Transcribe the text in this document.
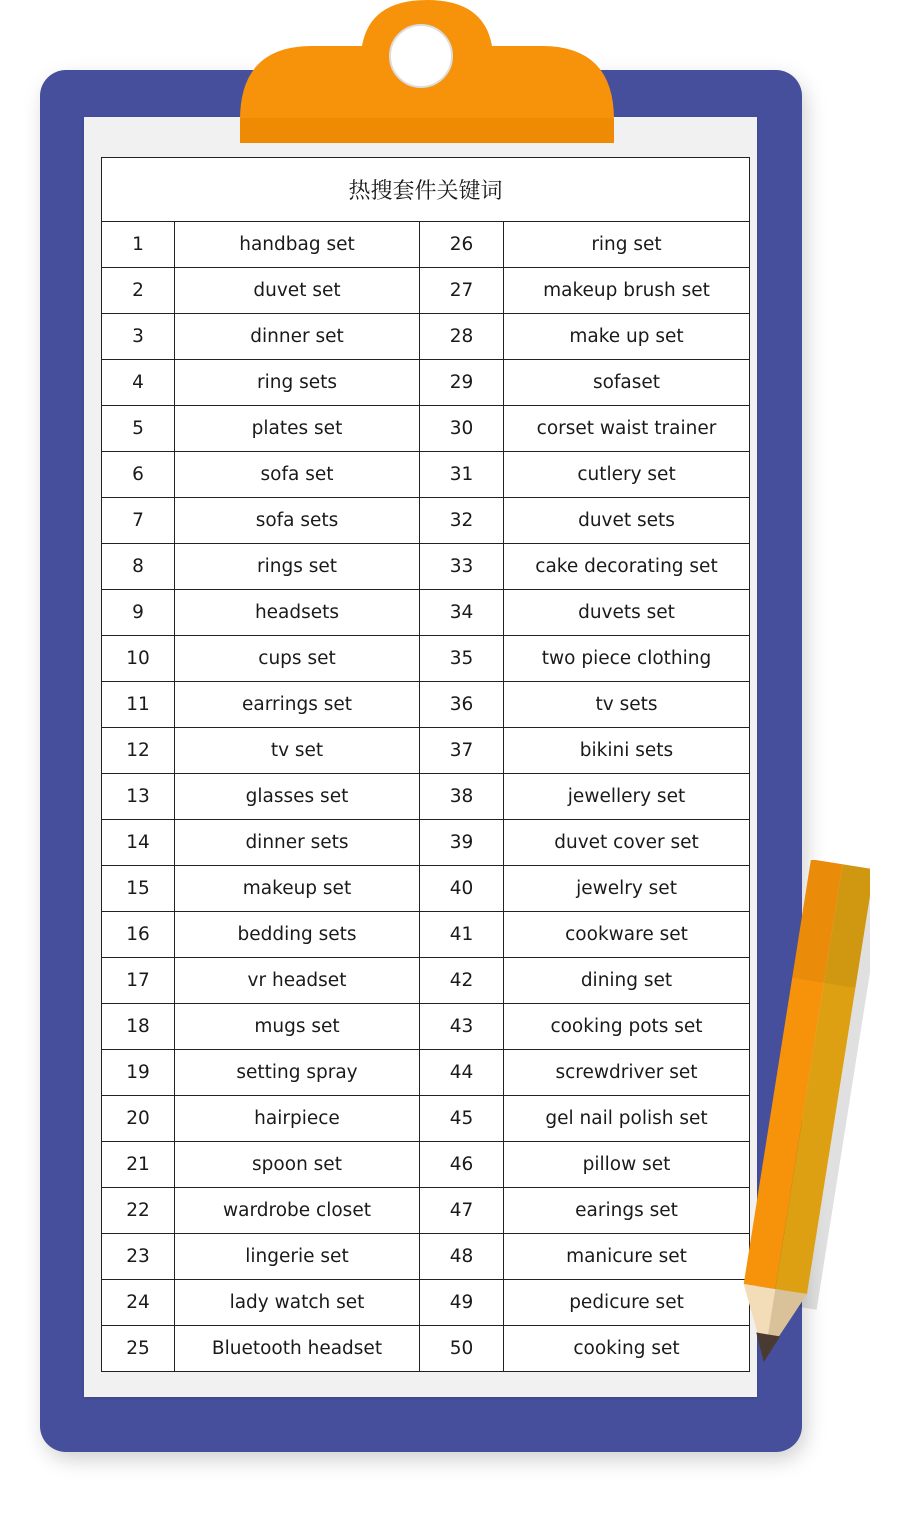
热搜套件关键词			
1	handbag set	26	ring set
2	duvet set	27	makeup brush set
3	dinner set	28	make up set
4	ring sets	29	sofaset
5	plates set	30	corset waist trainer
6	sofa set	31	cutlery set
7	sofa sets	32	duvet sets
8	rings set	33	cake decorating set
9	headsets	34	duvets set
10	cups set	35	two piece clothing
11	earrings set	36	tv sets
12	tv set	37	bikini sets
13	glasses set	38	jewellery set
14	dinner sets	39	duvet cover set
15	makeup set	40	jewelry set
16	bedding sets	41	cookware set
17	vr headset	42	dining set
18	mugs set	43	cooking pots set
19	setting spray	44	screwdriver set
20	hairpiece	45	gel nail polish set
21	spoon set	46	pillow set
22	wardrobe closet	47	earings set
23	lingerie set	48	manicure set
24	lady watch set	49	pedicure set
25	Bluetooth headset	50	cooking set
